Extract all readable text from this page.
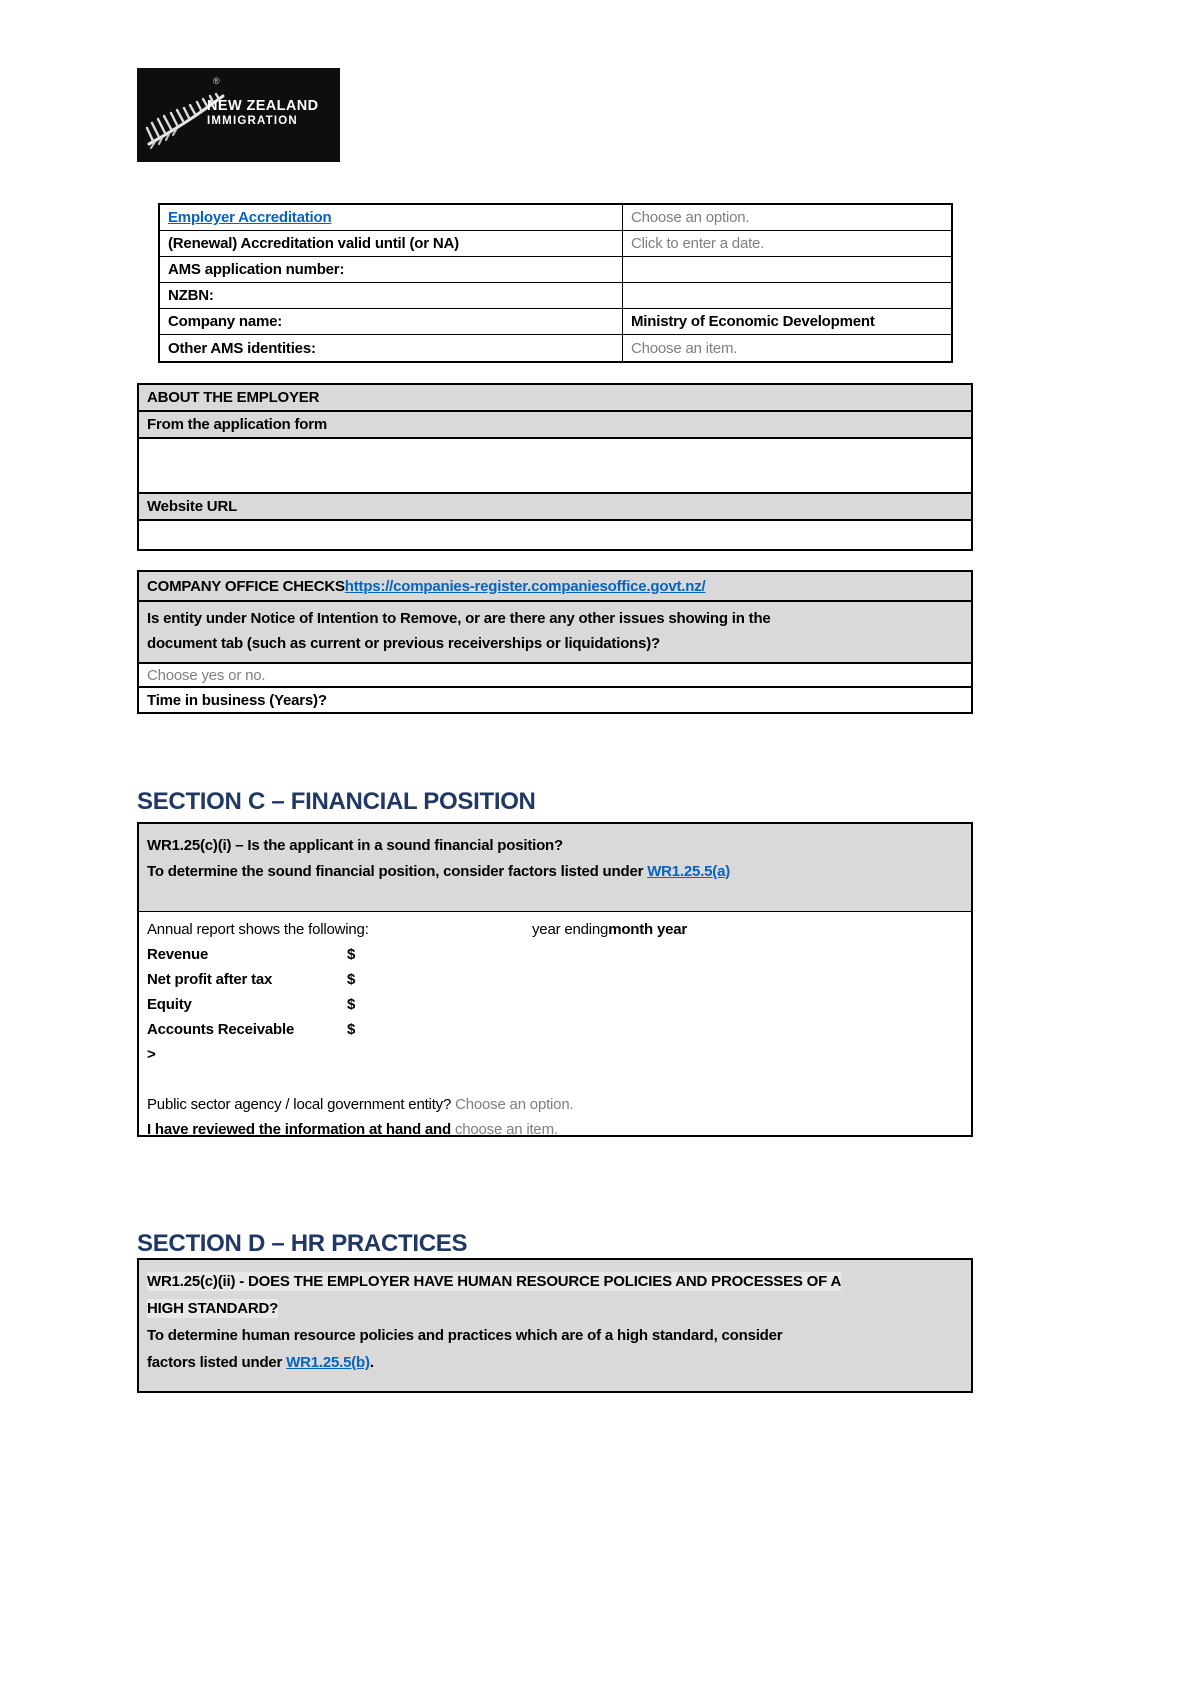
®
NEW ZEALAND
IMMIGRATION
Employer Accreditation	Choose an option.
(Renewal) Accreditation valid until (or NA)	Click to enter a date.
AMS application number:
NZBN:
Company name:	Ministry of Economic Development
Other AMS identities:	Choose an item.
ABOUT THE EMPLOYER
From the application form
Website URL
COMPANY OFFICE CHECKS https://companies-register.companiesoffice.govt.nz/
Is entity under Notice of Intention to Remove, or are there any other issues showing in the
document tab (such as current or previous receiverships or liquidations)?
Choose yes or no.
Time in business (Years)?
SECTION C – FINANCIAL POSITION
WR1.25(c)(i) – Is the applicant in a sound financial position?
To determine the sound financial position, consider factors listed under WR1.25.5(a)
Annual report shows the following:	year ending month year
Revenue	$
Net profit after tax	$
Equity	$
Accounts Receivable	$
>

Public sector agency / local government entity? Choose an option.
I have reviewed the information at hand and choose an item.
SECTION D – HR PRACTICES
WR1.25(c)(ii) - DOES THE EMPLOYER HAVE HUMAN RESOURCE POLICIES AND PROCESSES OF A
HIGH STANDARD?
To determine human resource policies and practices which are of a high standard, consider
factors listed under WR1.25.5(b).
